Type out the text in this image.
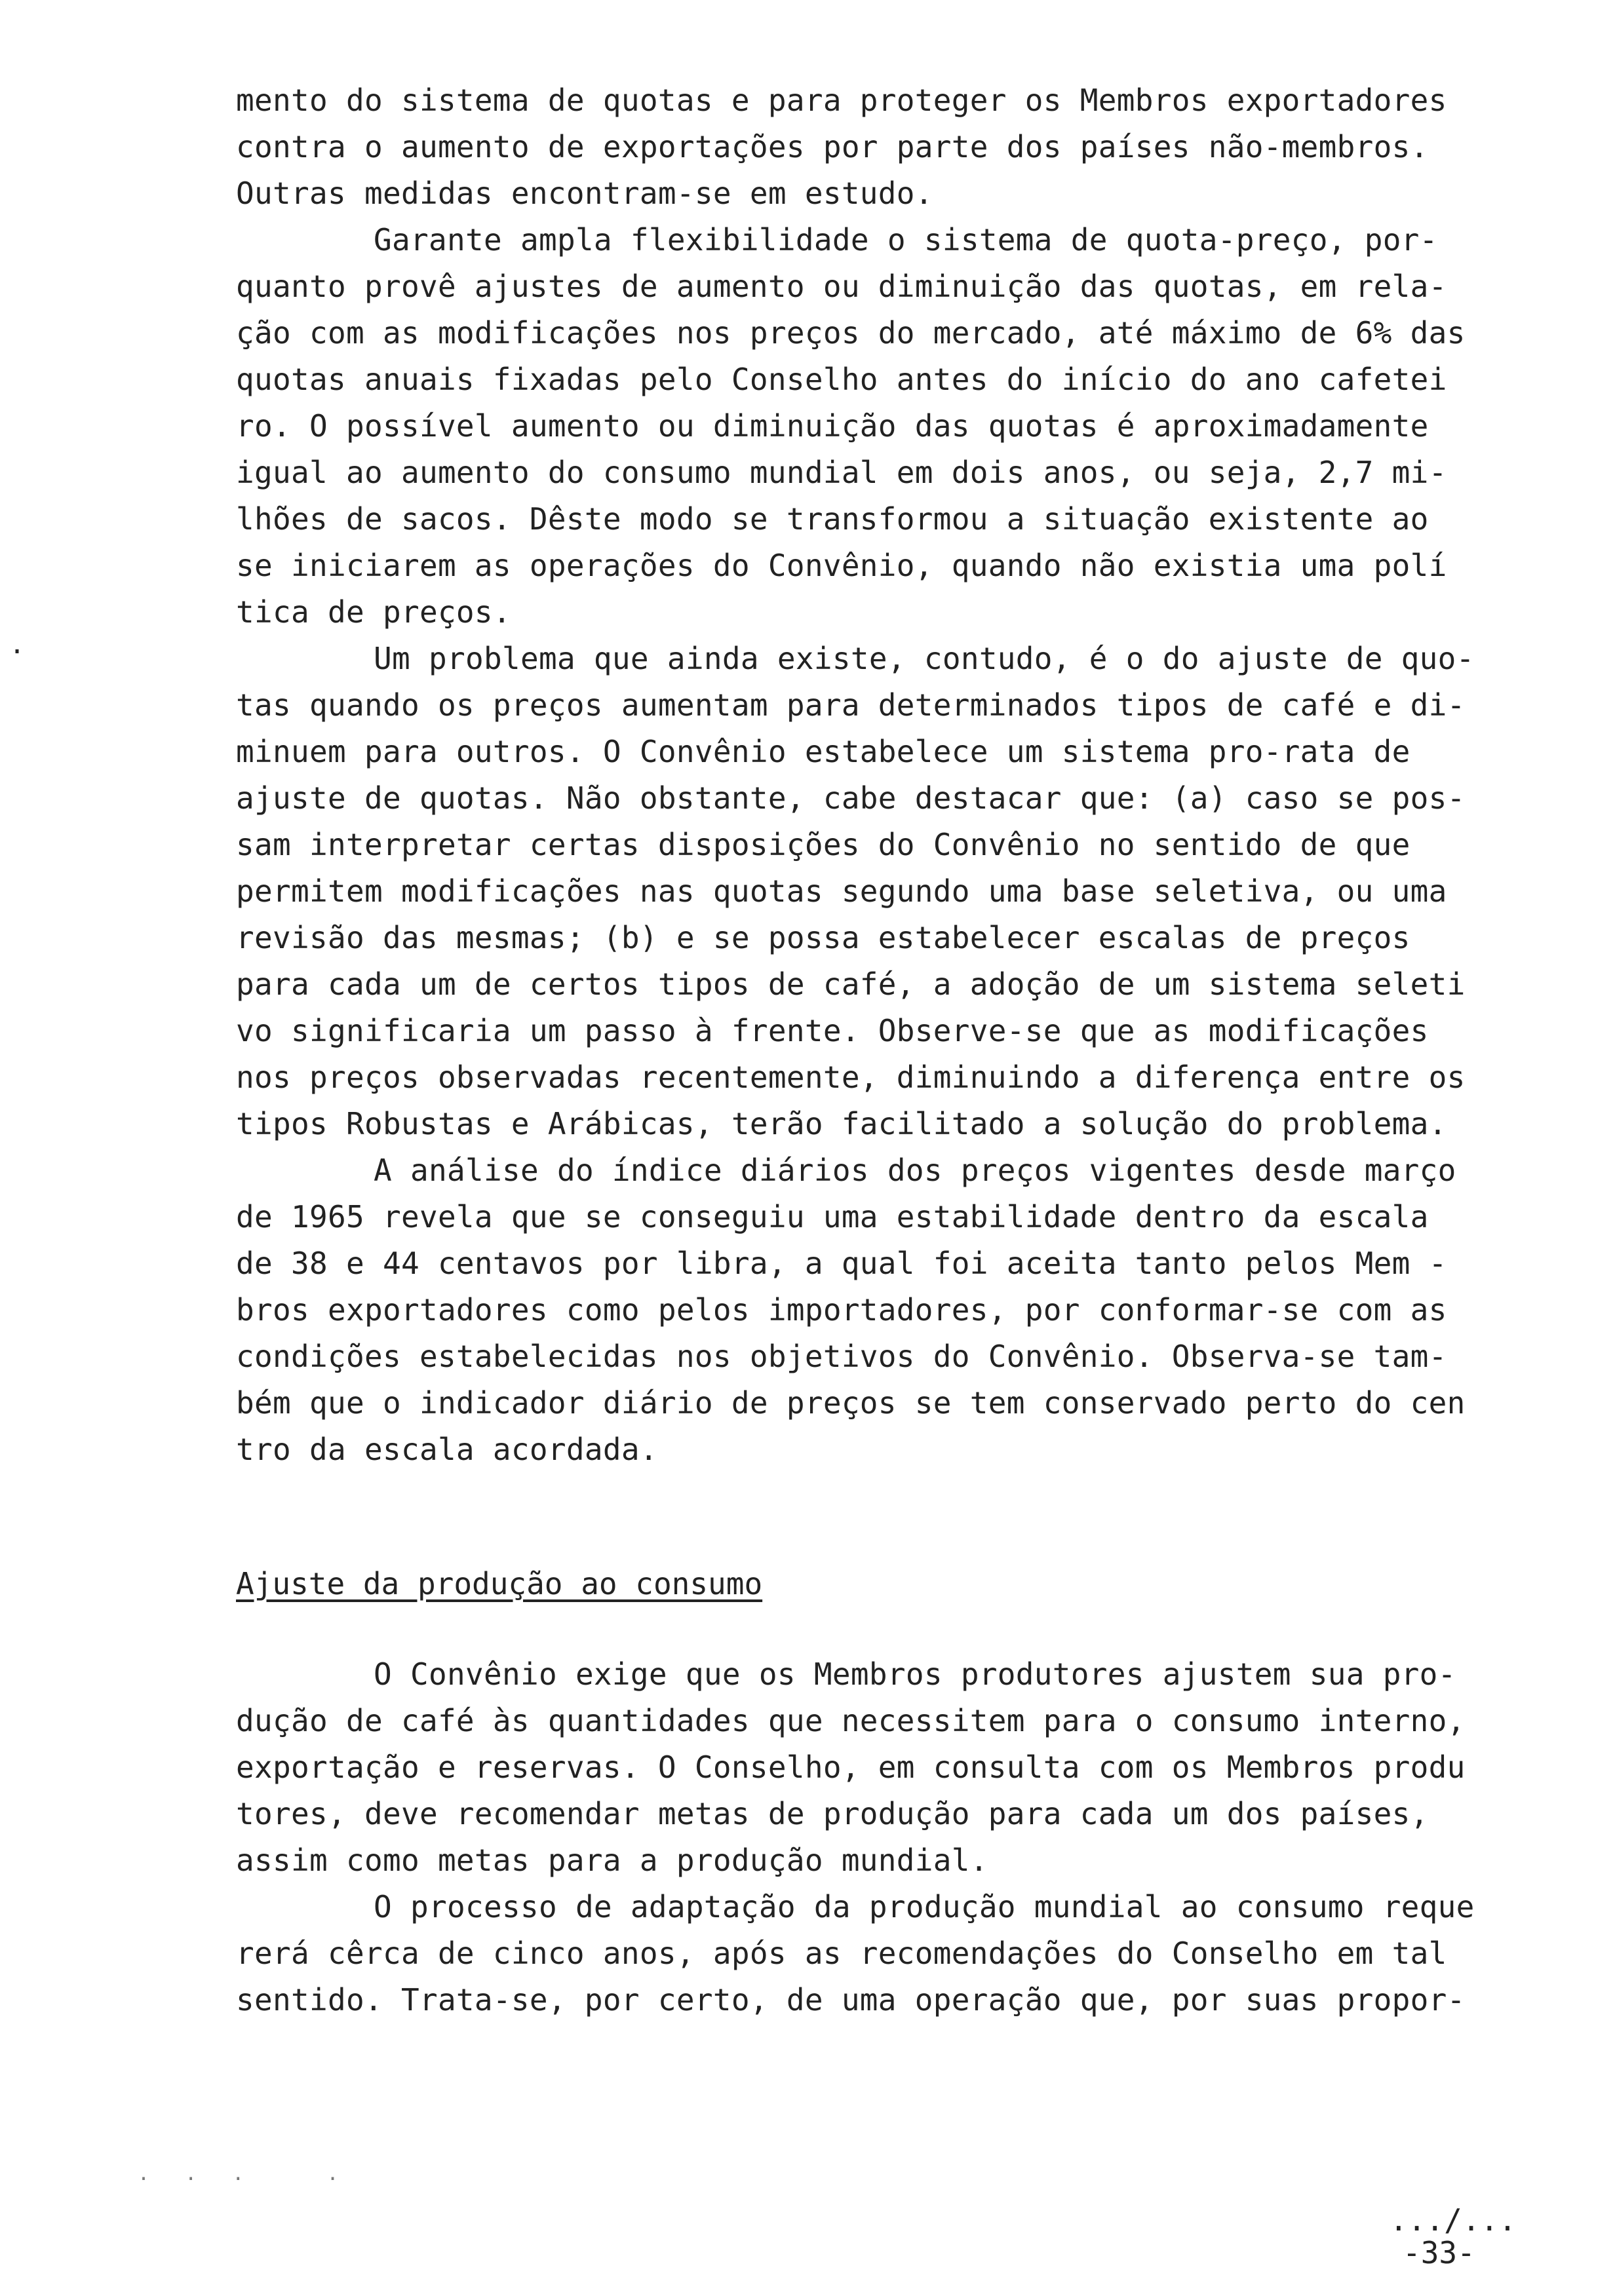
·
mento do sistema de quotas e para proteger os Membros exportadores
contra o aumento de exportações por parte dos países não-membros.
Outras medidas encontram-se em estudo.
Garante ampla flexibilidade o sistema de quota-preço, por-
quanto provê ajustes de aumento ou diminuição das quotas, em rela-
ção com as modificações nos preços do mercado, até máximo de 6% das
quotas anuais fixadas pelo Conselho antes do início do ano cafetei
ro. O possível aumento ou diminuição das quotas é aproximadamente
igual ao aumento do consumo mundial em dois anos, ou seja, 2,7 mi-
lhões de sacos. Dêste modo se transformou a situação existente ao
se iniciarem as operações do Convênio, quando não existia uma polí
tica de preços.
Um problema que ainda existe, contudo, é o do ajuste de quo-
tas quando os preços aumentam para determinados tipos de café e di-
minuem para outros. O Convênio estabelece um sistema pro-rata de
ajuste de quotas. Não obstante, cabe destacar que: (a) caso se pos-
sam interpretar certas disposições do Convênio no sentido de que
permitem modificações nas quotas segundo uma base seletiva, ou uma
revisão das mesmas; (b) e se possa estabelecer escalas de preços
para cada um de certos tipos de café, a adoção de um sistema seleti
vo significaria um passo à frente. Observe-se que as modificações
nos preços observadas recentemente, diminuindo a diferença entre os
tipos Robustas e Arábicas, terão facilitado a solução do problema.
A análise do índice diários dos preços vigentes desde março
de 1965 revela que se conseguiu uma estabilidade dentro da escala
de 38 e 44 centavos por libra, a qual foi aceita tanto pelos Mem -
bros exportadores como pelos importadores, por conformar-se com as
condições estabelecidas nos objetivos do Convênio. Observa-se tam-
bém que o indicador diário de preços se tem conservado perto do cen
tro da escala acordada.
Ajuste da produção ao consumo
O Convênio exige que os Membros produtores ajustem sua pro-
dução de café às quantidades que necessitem para o consumo interno,
exportação e reservas. O Conselho, em consulta com os Membros produ
tores, deve recomendar metas de produção para cada um dos países,
assim como metas para a produção mundial.
O processo de adaptação da produção mundial ao consumo reque
rerá cêrca de cinco anos, após as recomendações do Conselho em tal
sentido. Trata-se, por certo, de uma operação que, por suas propor-
. . .   .
.../...
-33-
